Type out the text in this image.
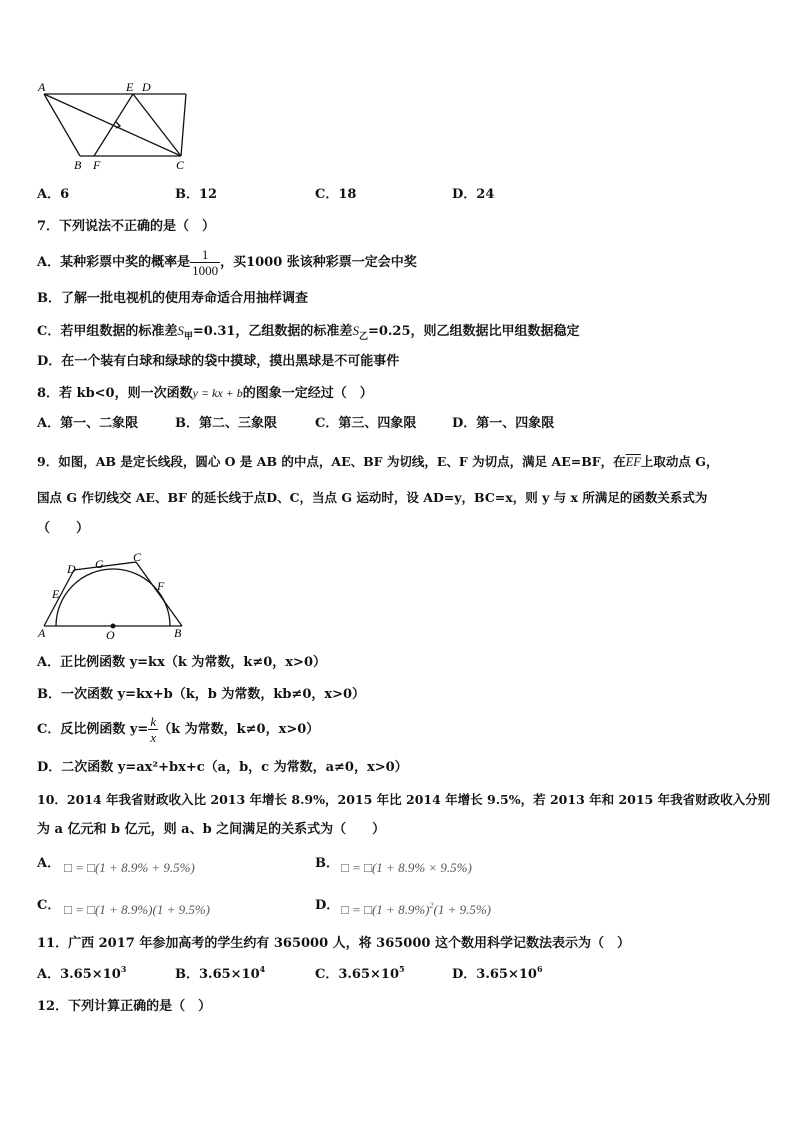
A	E D
B F	C
A．6	B．12	C．18	D．24
7．下列说法不正确的是（　）
A．某种彩票中奖的概率是 $\frac{1}{1000}$ ，买1000 张该种彩票一定会中奖
B．了解一批电视机的使用寿命适合用抽样调查
C．若甲组数据的标准差$S_甲=0.31$，乙组数据的标准差$S_乙=0.25$，则乙组数据比甲组数据稳定
D．在一个装有白球和绿球的袋中摸球，摸出黑球是不可能事件
8．若 kb<0，则一次函数y = kx + b的图象一定经过（　）
A．第一、二象限	B．第二、三象限	C．第三、四象限	D．第一、四象限
9．如图，AB 是定长线段，圆心 O 是 AB 的中点，AE、BF 为切线，E、F 为切点，满足 AE=BF，在$\overline{EF}$上取动点 G，
国点 G 作切线交 AE、BF 的延长线于点D、C，当点 G 运动时，设 AD=y，BC=x，则 y 与 x 所满足的函数关系式为
（　　）
A	O	B
D G C
E
F
A．正比例函数 y=kx（k 为常数，k≠0，x>0）
B．一次函数 y=kx+b（k，b 为常数，kb≠0，x>0）
C．反比例函数 $y= \frac{k}{x} (k$ 为常数，k≠0，x>0）
D．二次函数 y=ax²+bx+c（a，b，c 为常数，a≠0，x>0）
10．2014 年我省财政收入比 2013 年增长 8.9%，2015 年比 2014 年增长 9.5%，若 2013 年和 2015 年我省财政收入分别
为 a 亿元和 b 亿元，则 a、b 之间满足的关系式为（　　）
A． □ = □(1 + 8.9% + 9.5%)	B． □ = □(1 + 8.9% × 9.5%)
C． □ = □(1 + 8.9%)(1 + 9.5%)	D． □ = □(1 + 8.9%)$^2$(1 + 9.5%)
11．广西 2017 年参加高考的学生约有 365000 人，将 365000 这个数用科学记数法表示为（　）
A．$3.65\times 10^3$	B．$3.65\times 10^4$	C．$3.65\times 10^5$	D．$3.65\times 10^6$
12．下列计算正确的是（　）
